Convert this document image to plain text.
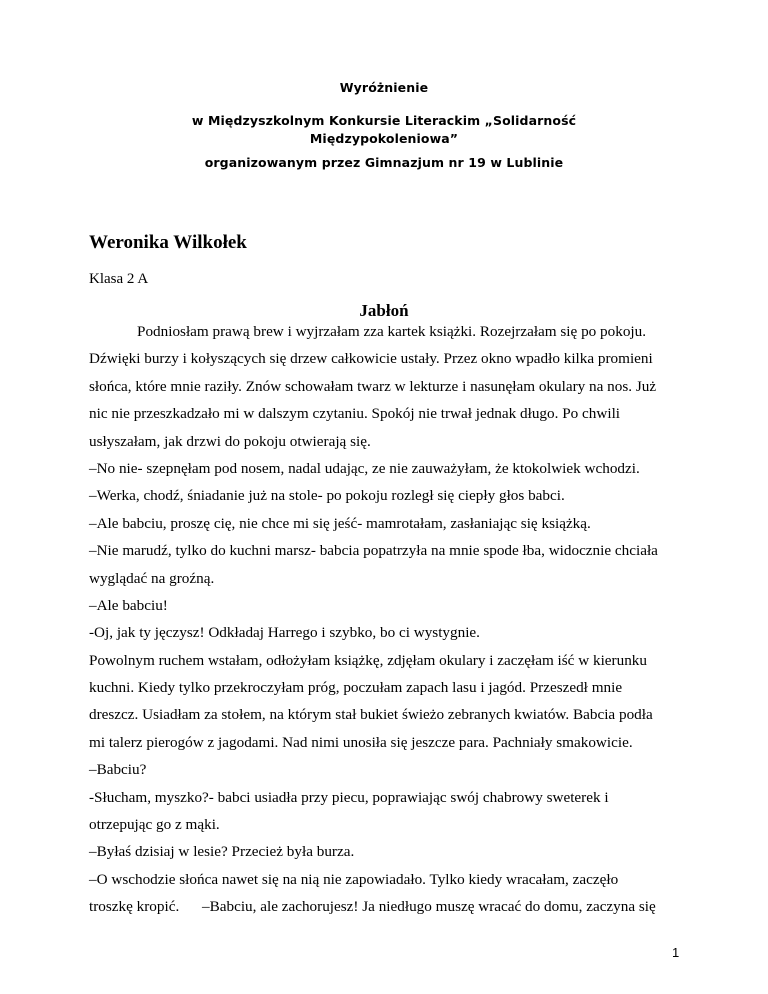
Wyróżnienie
w Międzyszkolnym Konkursie Literackim „Solidarność
Międzypokoleniowa”
organizowanym przez Gimnazjum nr 19 w Lublinie
Weronika Wilkołek
Klasa 2 A
Jabłoń
Podniosłam prawą brew i wyjrzałam zza kartek książki. Rozejrzałam się po pokoju.
Dźwięki burzy i kołyszących się drzew całkowicie ustały. Przez okno wpadło kilka promieni
słońca, które mnie raziły. Znów schowałam twarz w lekturze i nasunęłam okulary na nos. Już
nic nie przeszkadzało mi w dalszym czytaniu. Spokój nie trwał jednak długo. Po chwili
usłyszałam, jak drzwi do pokoju otwierają się.
–No nie- szepnęłam pod nosem, nadal udając, ze nie zauważyłam, że ktokolwiek wchodzi.
–Werka, chodź, śniadanie już na stole- po pokoju rozległ się ciepły głos babci.
–Ale babciu, proszę cię, nie chce mi się jeść- mamrotałam, zasłaniając się książką.
–Nie marudź, tylko do kuchni marsz- babcia popatrzyła na mnie spode łba, widocznie chciała
wyglądać na groźną.
–Ale babciu!
-Oj, jak ty jęczysz! Odkładaj Harrego i szybko, bo ci wystygnie.
Powolnym ruchem wstałam, odłożyłam książkę, zdjęłam okulary i zaczęłam iść w kierunku
kuchni. Kiedy tylko przekroczyłam próg, poczułam zapach lasu i jagód. Przeszedł mnie
dreszcz. Usiadłam za stołem, na którym stał bukiet świeżo zebranych kwiatów. Babcia podła
mi talerz pierogów z jagodami. Nad nimi unosiła się jeszcze para. Pachniały smakowicie.
–Babciu?
-Słucham, myszko?- babci usiadła przy piecu, poprawiając swój chabrowy sweterek i
otrzepując go z mąki.
–Byłaś dzisiaj w lesie? Przecież była burza.
–O wschodzie słońca nawet się na nią nie zapowiadało. Tylko kiedy wracałam, zaczęło
troszkę kropić.      –Babciu, ale zachorujesz! Ja niedługo muszę wracać do domu, zaczyna się
1
